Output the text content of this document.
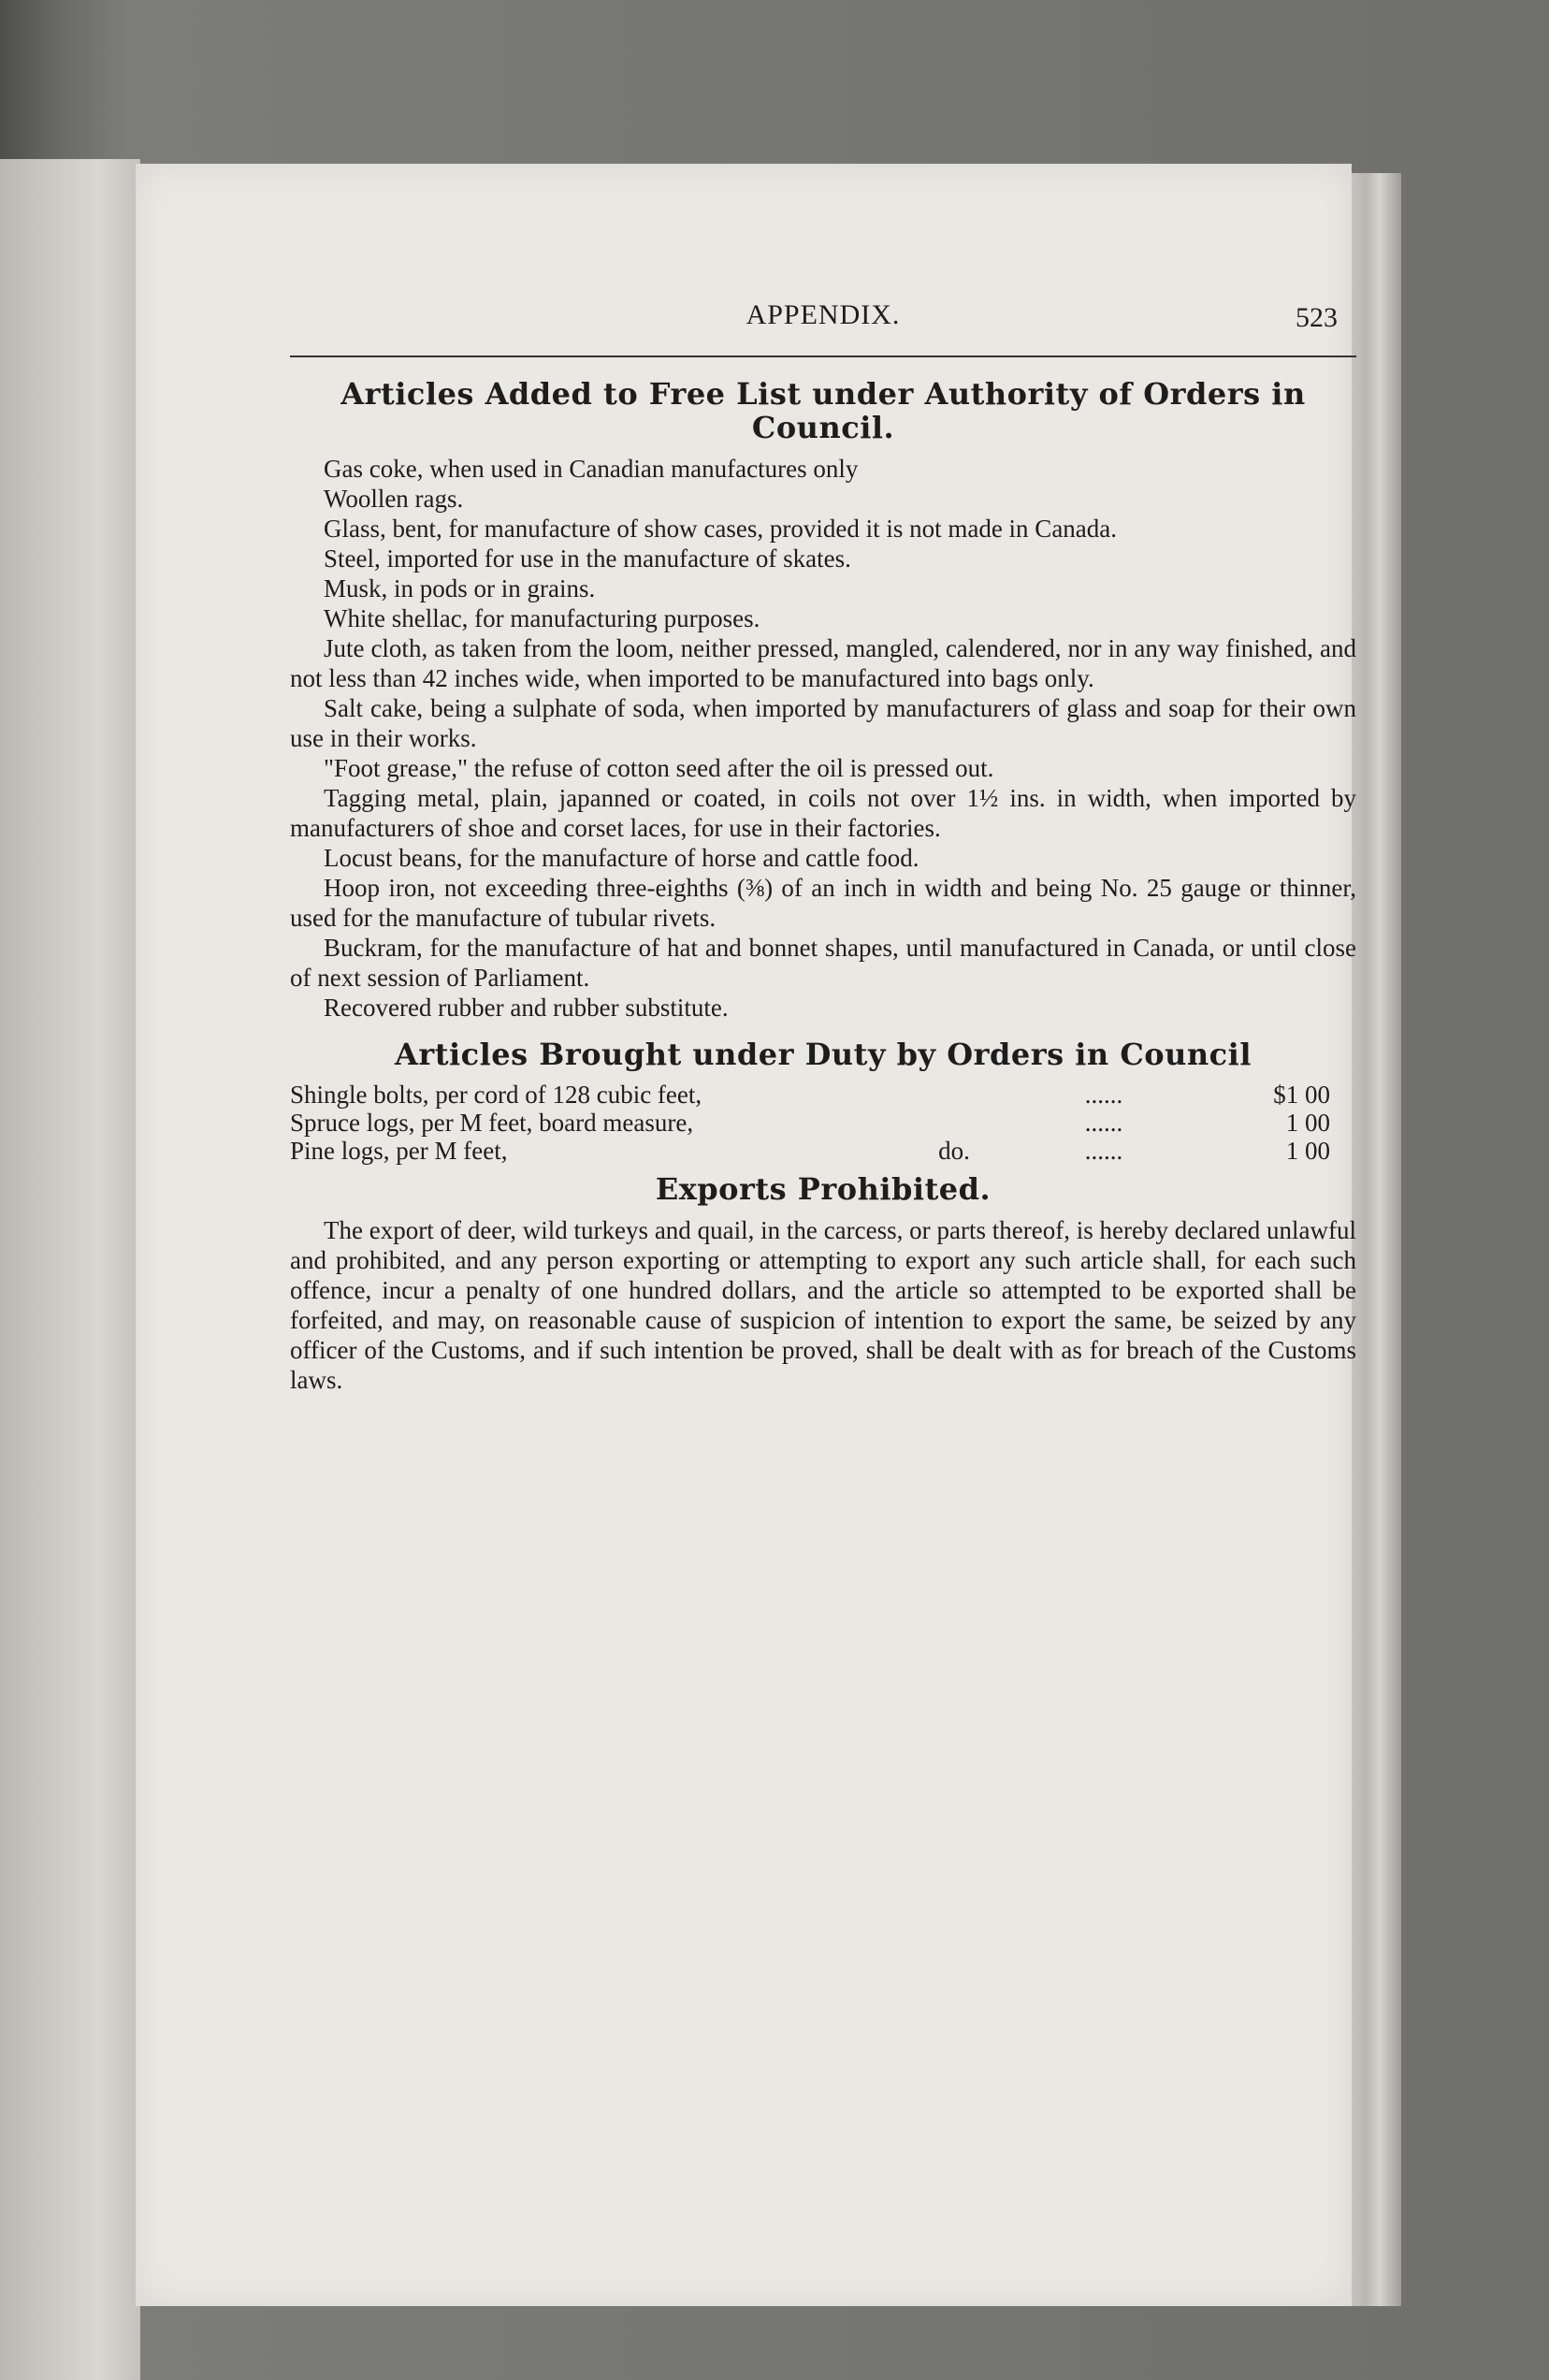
APPENDIX.	523
Articles Added to Free List under Authority of Orders in Council.

Gas coke, when used in Canadian manufactures only

Woollen rags.

Glass, bent, for manufacture of show cases, provided it is not made in Canada.

Steel, imported for use in the manufacture of skates.

Musk, in pods or in grains.

White shellac, for manufacturing purposes.

Jute cloth, as taken from the loom, neither pressed, mangled, calendered, nor in any way finished, and not less than 42 inches wide, when imported to be manufactured into bags only.

Salt cake, being a sulphate of soda, when imported by manufacturers of glass and soap for their own use in their works.

"Foot grease," the refuse of cotton seed after the oil is pressed out.

Tagging metal, plain, japanned or coated, in coils not over 1½ ins. in width, when imported by manufacturers of shoe and corset laces, for use in their factories.

Locust beans, for the manufacture of horse and cattle food.

Hoop iron, not exceeding three-eighths (⅜) of an inch in width and being No. 25 gauge or thinner, used for the manufacture of tubular rivets.

Buckram, for the manufacture of hat and bonnet shapes, until manufactured in Canada, or until close of next session of Parliament.

Recovered rubber and rubber substitute.

Articles Brought under Duty by Orders in Council
Shingle bolts, per cord of 128 cubic feet,		......	$1 00
Spruce logs, per M feet, board measure,		......	1 00
Pine logs, per M feet,	do.	......	1 00
Exports Prohibited.

The export of deer, wild turkeys and quail, in the carcess, or parts thereof, is hereby declared unlawful and prohibited, and any person exporting or attempting to export any such article shall, for each such offence, incur a penalty of one hundred dollars, and the article so attempted to be exported shall be forfeited, and may, on reasonable cause of suspicion of intention to export the same, be seized by any officer of the Customs, and if such intention be proved, shall be dealt with as for breach of the Customs laws.
